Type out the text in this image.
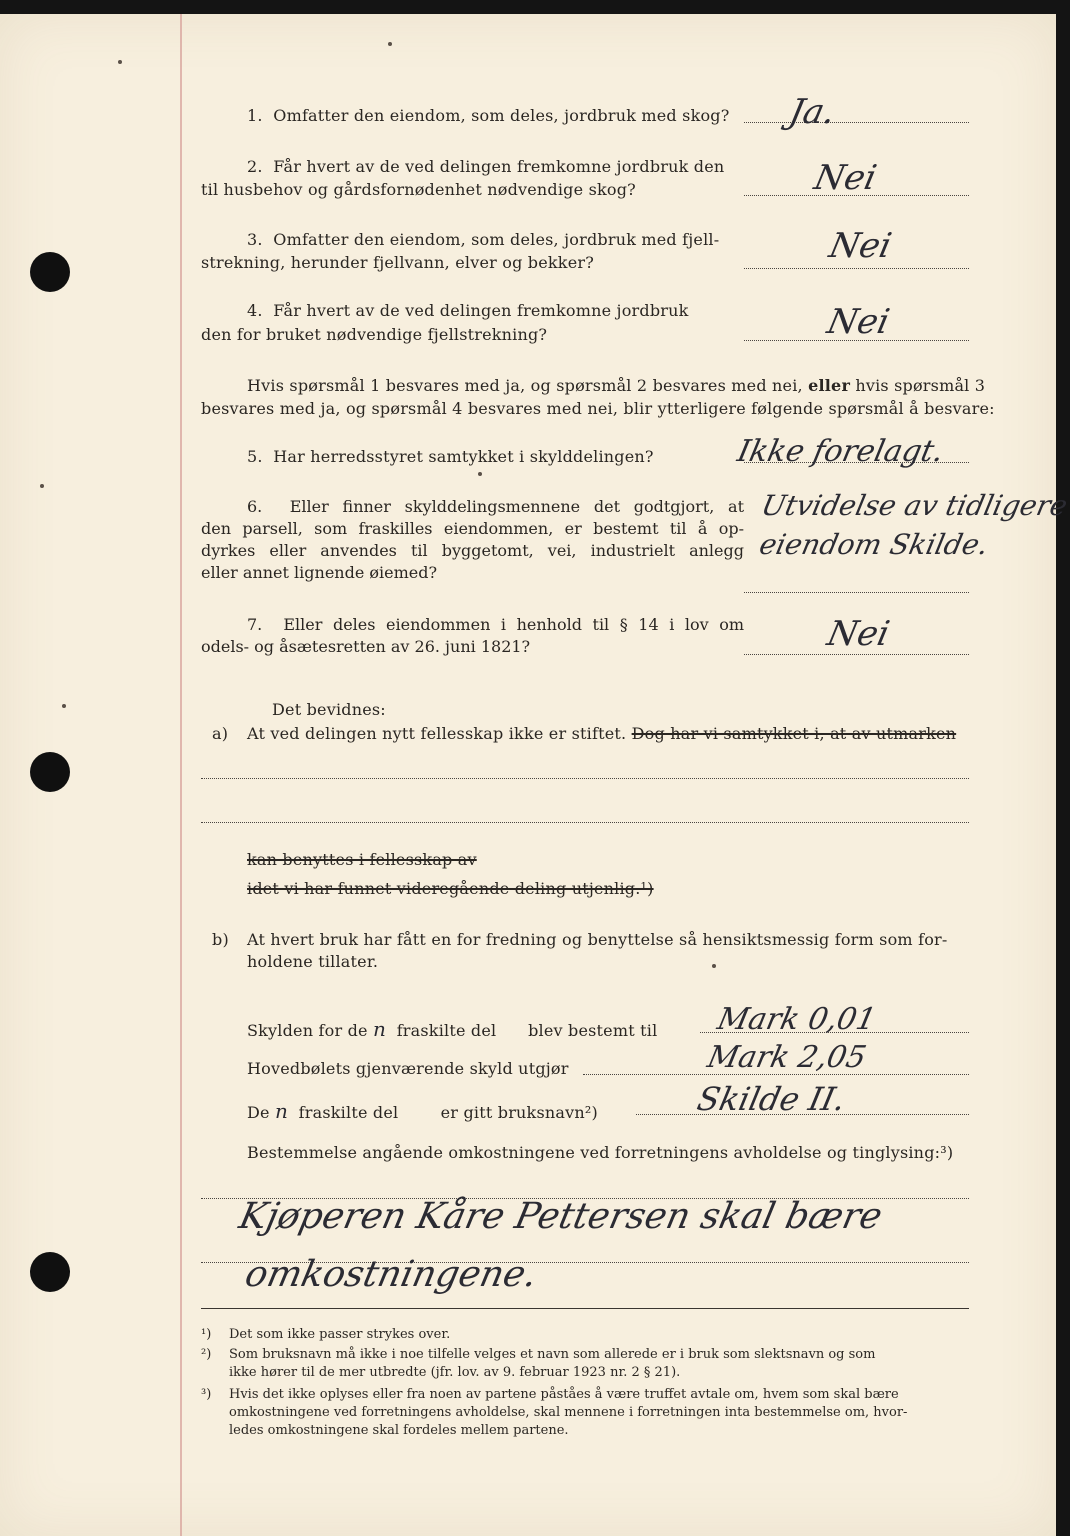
1. Omfatter den eiendom, som deles, jordbruk med skog? Ja.
2. Får hvert av de ved delingen fremkomne jordbruk den
til husbehov og gårdsfornødenhet nødvendige skog?	Nei
3. Omfatter den eiendom, som deles, jordbruk med fjell-
strekning, herunder fjellvann, elver og bekker?	Nei
4. Får hvert av de ved delingen fremkomne jordbruk
den for bruket nødvendige fjellstrekning?	Nei
Hvis spørsmål 1 besvares med ja, og spørsmål 2 besvares med nei, eller hvis spørsmål 3
besvares med ja, og spørsmål 4 besvares med nei, blir ytterligere følgende spørsmål å besvare:
5. Har herredsstyret samtykket i skylddelingen?	Ikke forelagt.
6. Eller finner skylddelingsmennene det godtgjort, at
den parsell, som fraskilles eiendommen, er bestemt til å op-
dyrkes eller anvendes til byggetomt, vei, industrielt anlegg
eller annet lignende øiemed?
Utvidelse av tidligere
eiendom Skilde.
7. Eller deles eiendommen i henhold til § 14 i lov om
odels- og åsætesretten av 26. juni 1821?	Nei
Det bevidnes:
a) At ved delingen nytt fellesskap ikke er stiftet. Dog har vi samtykket i, at av utmarken
kan benyttes i fellesskap av
idet vi har funnet videregående deling utjenlig.¹)
b) At hvert bruk har fått en for fredning og benyttelse så hensiktsmessig form som for-
holdene tillater.
Skylden for de n fraskilte del blev bestemt til Mark 0,01
Hovedbølets gjenværende skyld utgjør	Mark 2,05
De n fraskilte del	er gitt bruksnavn²)	Skilde II.
Bestemmelse angående omkostningene ved forretningens avholdelse og tinglysing:³)
Kjøperen Kåre Pettersen skal bære
omkostningene.
¹) Det som ikke passer strykes over.
²) Som bruksnavn må ikke i noe tilfelle velges et navn som allerede er i bruk som slektsnavn og som
ikke hører til de mer utbredte (jfr. lov. av 9. februar 1923 nr. 2 § 21).
³) Hvis det ikke oplyses eller fra noen av partene påståes å være truffet avtale om, hvem som skal bære
omkostningene ved forretningens avholdelse, skal mennene i forretningen inta bestemmelse om, hvor-
ledes omkostningene skal fordeles mellem partene.
